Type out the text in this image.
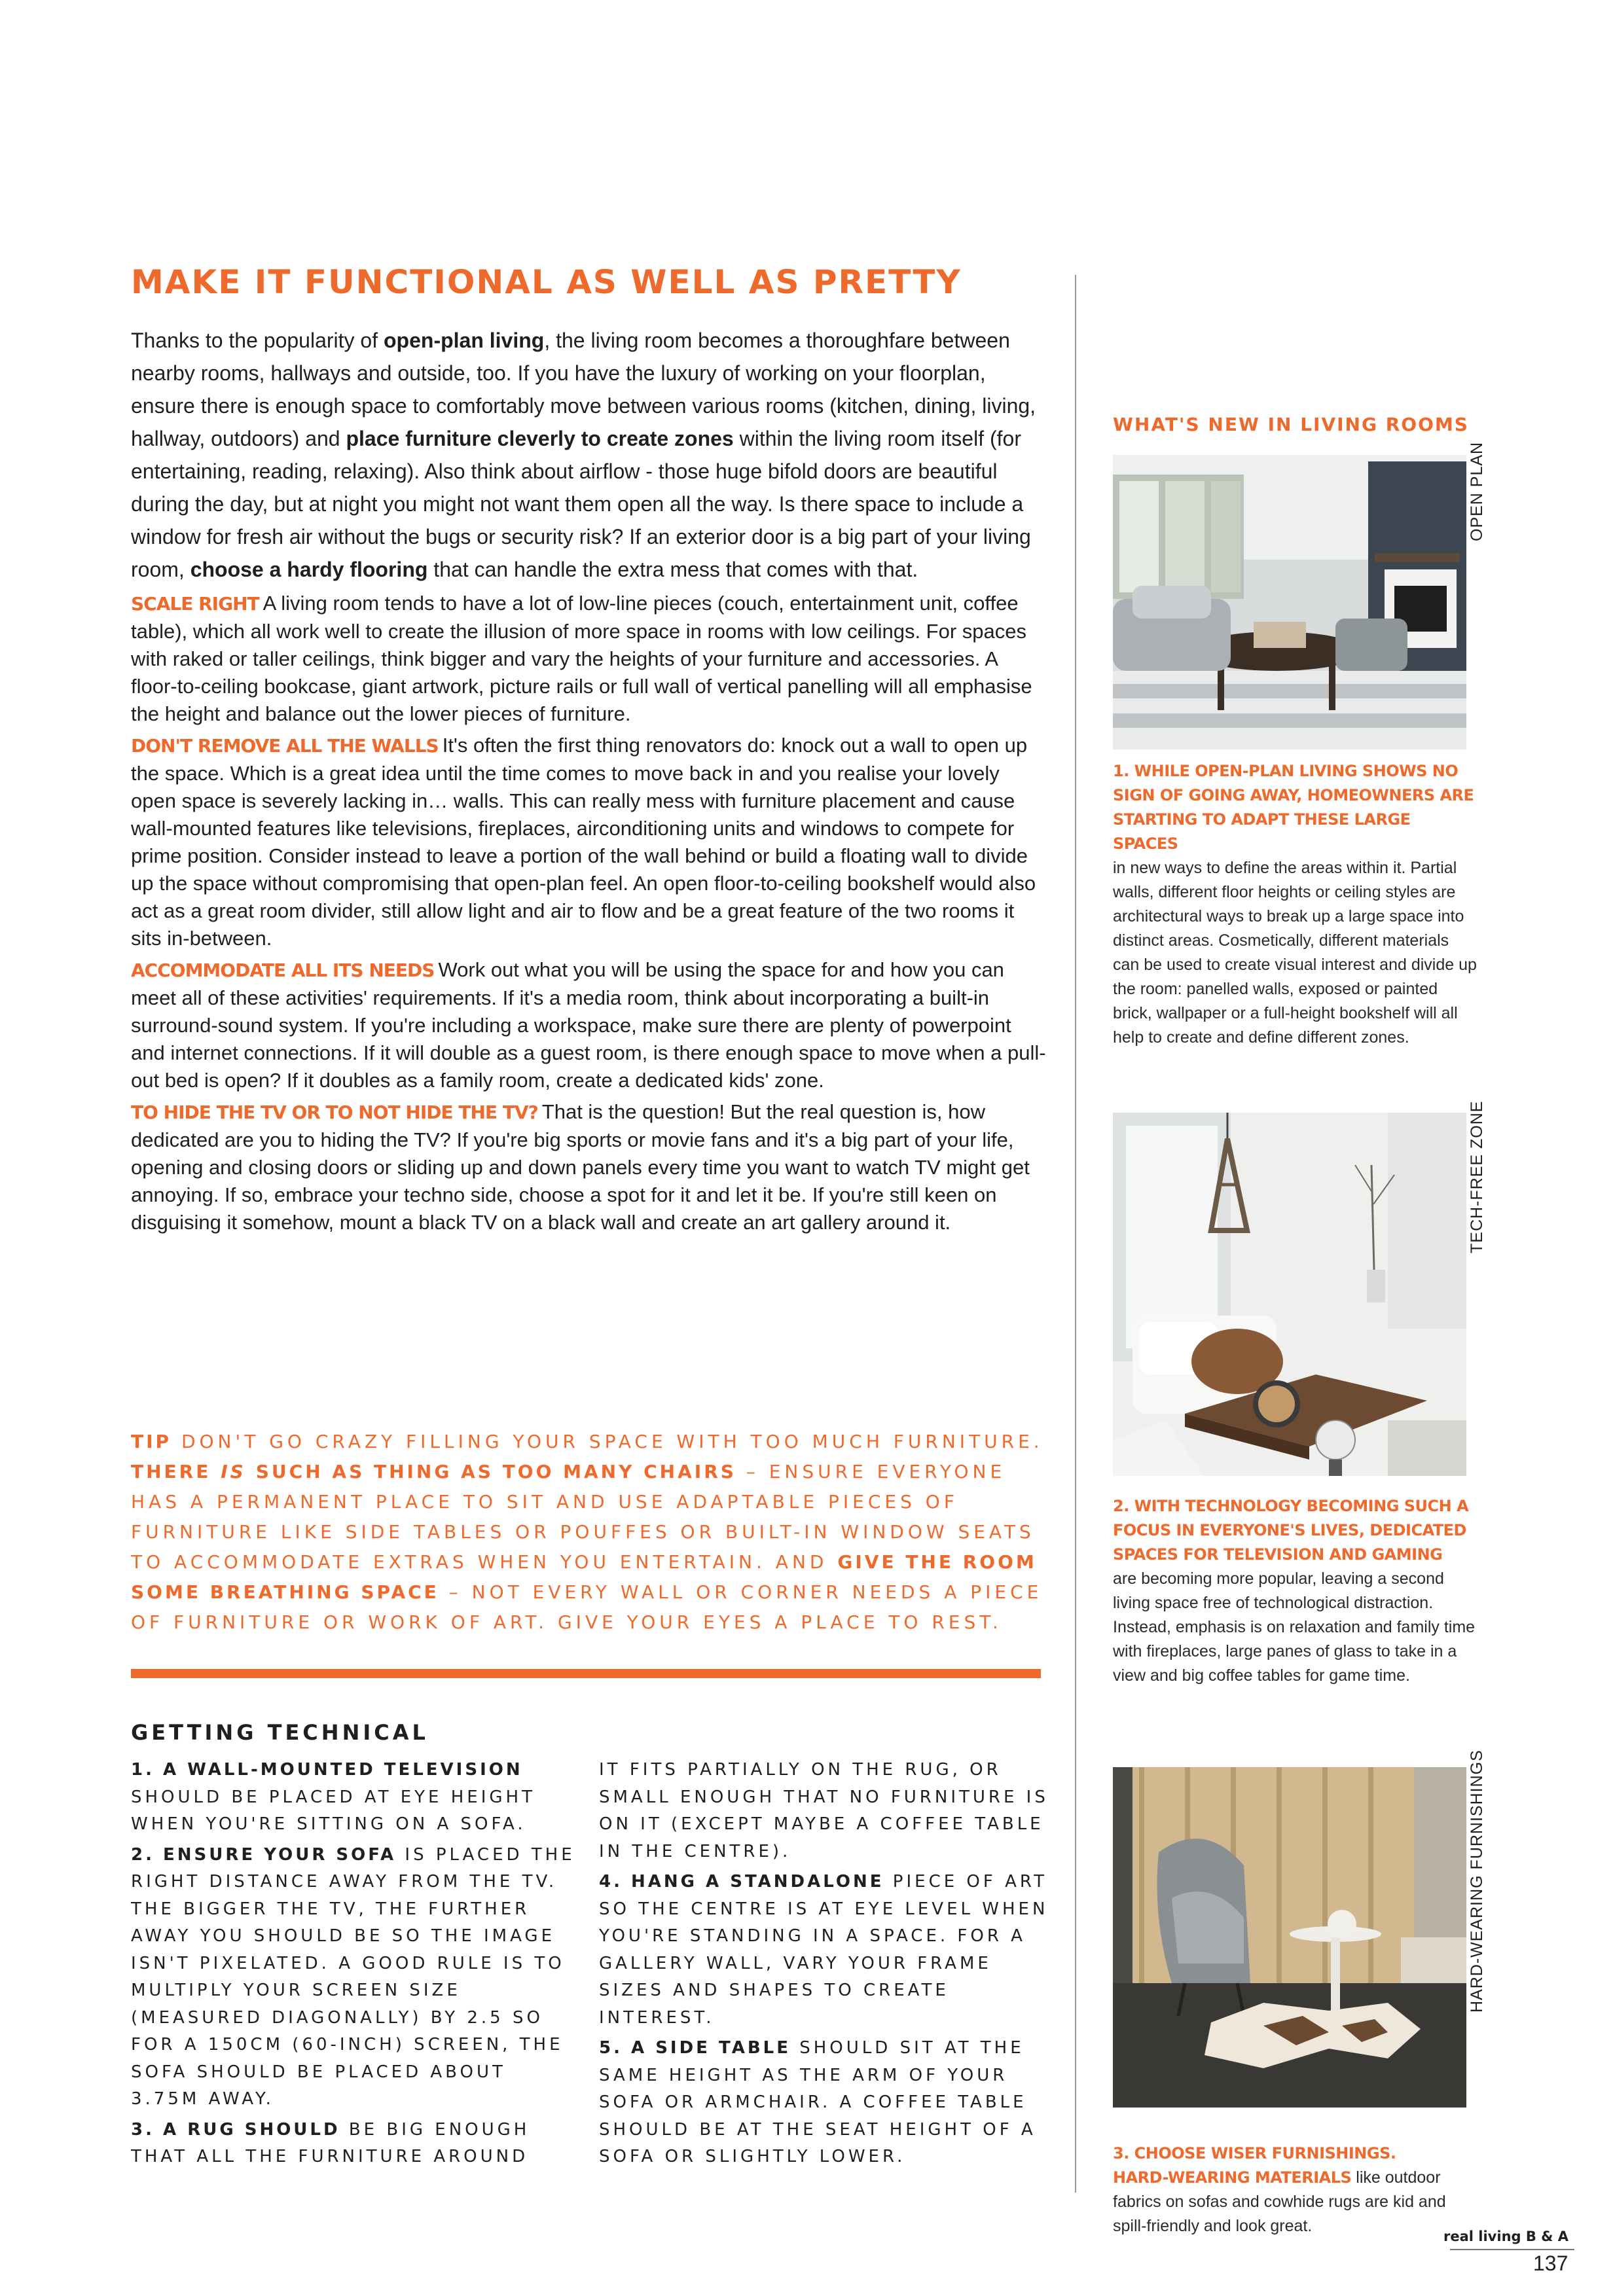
MAKE IT FUNCTIONAL AS WELL AS PRETTY

Thanks to the popularity of open-plan living, the living room becomes a thoroughfare between nearby rooms, hallways and outside, too. If you have the luxury of working on your floorplan, ensure there is enough space to comfortably move between various rooms (kitchen, dining, living, hallway, outdoors) and place furniture cleverly to create zones within the living room itself (for entertaining, reading, relaxing). Also think about airflow - those huge bifold doors are beautiful during the day, but at night you might not want them open all the way. Is there space to include a window for fresh air without the bugs or security risk? If an exterior door is a big part of your living room, choose a hardy flooring that can handle the extra mess that comes with that.

SCALE RIGHT A living room tends to have a lot of low-line pieces (couch, entertainment unit, coffee table), which all work well to create the illusion of more space in rooms with low ceilings. For spaces with raked or taller ceilings, think bigger and vary the heights of your furniture and accessories. A floor-to-ceiling bookcase, giant artwork, picture rails or full wall of vertical panelling will all emphasise the height and balance out the lower pieces of furniture.

DON'T REMOVE ALL THE WALLS It's often the first thing renovators do: knock out a wall to open up the space. Which is a great idea until the time comes to move back in and you realise your lovely open space is severely lacking in… walls. This can really mess with furniture placement and cause wall-mounted features like televisions, fireplaces, airconditioning units and windows to compete for prime position. Consider instead to leave a portion of the wall behind or build a floating wall to divide up the space without compromising that open-plan feel. An open floor-to-ceiling bookshelf would also act as a great room divider, still allow light and air to flow and be a great feature of the two rooms it sits in-between.

ACCOMMODATE ALL ITS NEEDS Work out what you will be using the space for and how you can meet all of these activities' requirements. If it's a media room, think about incorporating a built-in surround-sound system. If you're including a workspace, make sure there are plenty of powerpoint and internet connections. If it will double as a guest room, is there enough space to move when a pull-out bed is open? If it doubles as a family room, create a dedicated kids' zone.

TO HIDE THE TV OR TO NOT HIDE THE TV? That is the question! But the real question is, how dedicated are you to hiding the TV? If you're big sports or movie fans and it's a big part of your life, opening and closing doors or sliding up and down panels every time you want to watch TV might get annoying. If so, embrace your techno side, choose a spot for it and let it be. If you're still keen on disguising it somehow, mount a black TV on a black wall and create an art gallery around it.

TIP DON'T GO CRAZY FILLING YOUR SPACE WITH TOO MUCH FURNITURE. THERE IS SUCH AS THING AS TOO MANY CHAIRS – ENSURE EVERYONE HAS A PERMANENT PLACE TO SIT AND USE ADAPTABLE PIECES OF FURNITURE LIKE SIDE TABLES OR POUFFES OR BUILT-IN WINDOW SEATS TO ACCOMMODATE EXTRAS WHEN YOU ENTERTAIN. AND GIVE THE ROOM SOME BREATHING SPACE – NOT EVERY WALL OR CORNER NEEDS A PIECE OF FURNITURE OR WORK OF ART. GIVE YOUR EYES A PLACE TO REST.
GETTING TECHNICAL

1. A WALL-MOUNTED TELEVISION SHOULD BE PLACED AT EYE HEIGHT WHEN YOU'RE SITTING ON A SOFA.

2. ENSURE YOUR SOFA IS PLACED THE RIGHT DISTANCE AWAY FROM THE TV. THE BIGGER THE TV, THE FURTHER AWAY YOU SHOULD BE SO THE IMAGE ISN'T PIXELATED. A GOOD RULE IS TO MULTIPLY YOUR SCREEN SIZE (MEASURED DIAGONALLY) BY 2.5 SO FOR A 150CM (60-INCH) SCREEN, THE SOFA SHOULD BE PLACED ABOUT 3.75M AWAY.

3. A RUG SHOULD BE BIG ENOUGH THAT ALL THE FURNITURE AROUND

IT FITS PARTIALLY ON THE RUG, OR SMALL ENOUGH THAT NO FURNITURE IS ON IT (EXCEPT MAYBE A COFFEE TABLE IN THE CENTRE).

4. HANG A STANDALONE PIECE OF ART SO THE CENTRE IS AT EYE LEVEL WHEN YOU'RE STANDING IN A SPACE. FOR A GALLERY WALL, VARY YOUR FRAME SIZES AND SHAPES TO CREATE INTEREST.

5. A SIDE TABLE SHOULD SIT AT THE SAME HEIGHT AS THE ARM OF YOUR SOFA OR ARMCHAIR. A COFFEE TABLE SHOULD BE AT THE SEAT HEIGHT OF A SOFA OR SLIGHTLY LOWER.

WHAT'S NEW IN LIVING ROOMS
OPEN PLAN
1. WHILE OPEN-PLAN LIVING SHOWS NO SIGN OF GOING AWAY, HOMEOWNERS ARE STARTING TO ADAPT THESE LARGE SPACES
in new ways to define the areas within it. Partial walls, different floor heights or ceiling styles are architectural ways to break up a large space into distinct areas. Cosmetically, different materials can be used to create visual interest and divide up the room: panelled walls, exposed or painted brick, wallpaper or a full-height bookshelf will all help to create and define different zones.
TECH-FREE ZONE
2. WITH TECHNOLOGY BECOMING SUCH A FOCUS IN EVERYONE'S LIVES, DEDICATED SPACES FOR TELEVISION AND GAMING
are becoming more popular, leaving a second living space free of technological distraction. Instead, emphasis is on relaxation and family time with fireplaces, large panes of glass to take in a view and big coffee tables for game time.
HARD-WEARING FURNISHINGS
3. CHOOSE WISER FURNISHINGS.
HARD-WEARING MATERIALS like outdoor fabrics on sofas and cowhide rugs are kid and spill-friendly and look great.
real living B & A
137
